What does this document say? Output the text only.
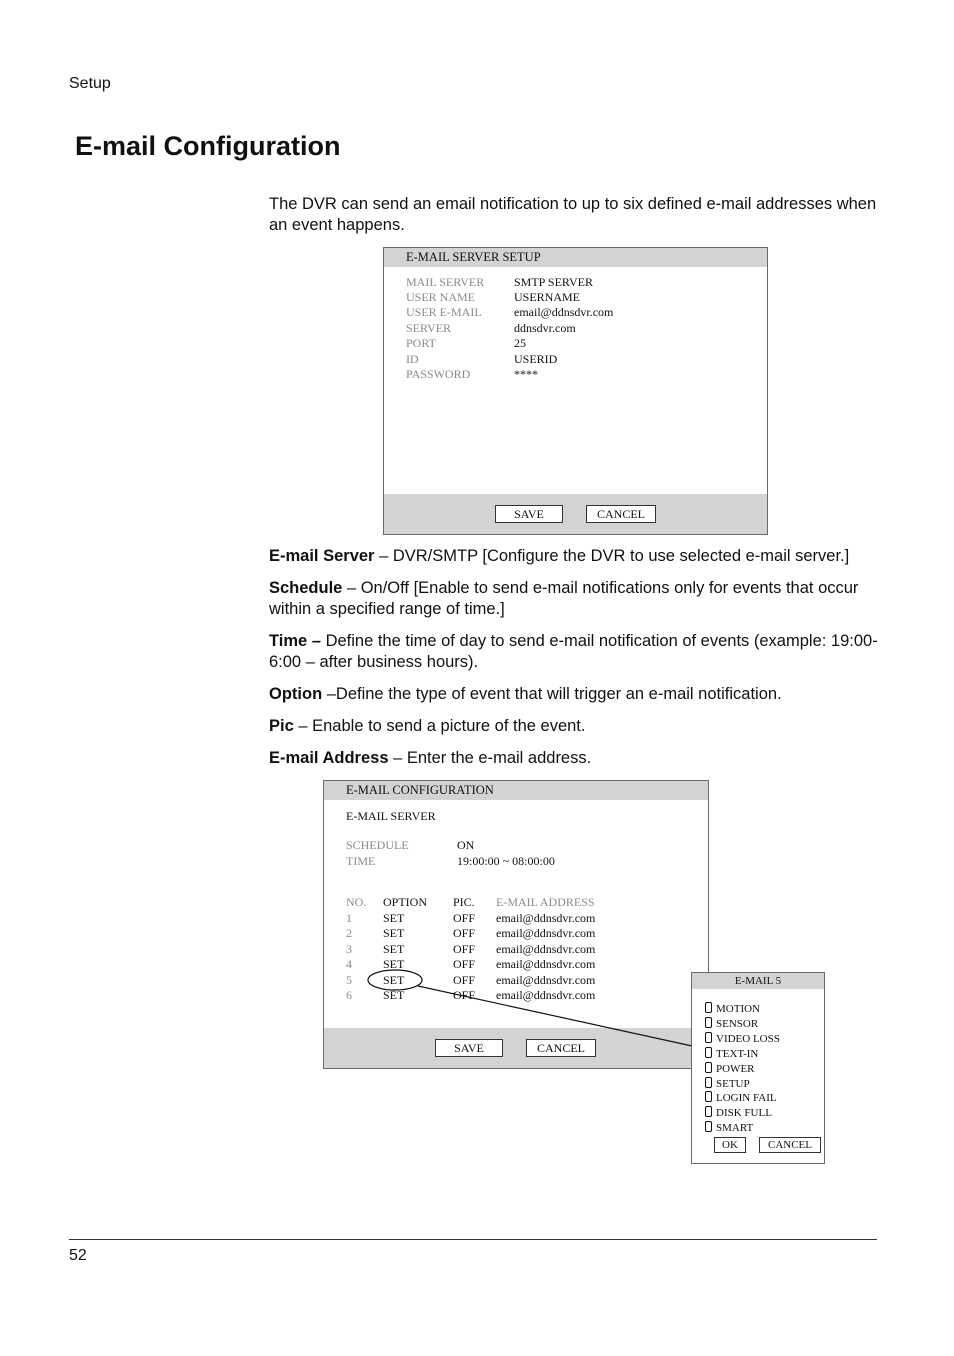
Setup
E-mail Configuration
The DVR can send an email notification to up to six defined e-mail addresses when an event happens.
E-MAIL SERVER SETUP
MAIL SERVER SMTP SERVER
USER NAME	USERNAME
USER E-MAIL	email@ddnsdvr.com
SERVER	ddnsdvr.com
PORT	25
ID	USERID
PASSWORD	****
SAVE	CANCEL
E-mail Server – DVR/SMTP [Configure the DVR to use selected e-mail server.]
Schedule – On/Off [Enable to send e-mail notifications only for events that occur within a specified range of time.]
Time – Define the time of day to send e-mail notification of events (example: 19:00-6:00 – after business hours).
Option –Define the type of event that will trigger an e-mail notification.
Pic – Enable to send a picture of the event.
E-mail Address – Enter the e-mail address.
E-MAIL CONFIGURATION
E-MAIL SERVER
SCHEDULE	ON
TIME	19:00:00 ~ 08:00:00
NO. OPTION PIC. E-MAIL ADDRESS
1	SET	OFF email@ddnsdvr.com
2	SET	OFF email@ddnsdvr.com
3	SET	OFF email@ddnsdvr.com
4	SET	OFF email@ddnsdvr.com
5	SET	OFF email@ddnsdvr.com
6	SET	OFF email@ddnsdvr.com
SAVE	CANCEL
E-MAIL 5
MOTION
SENSOR
VIDEO LOSS
TEXT-IN
POWER
SETUP
LOGIN FAIL
DISK FULL
SMART
OK	CANCEL
52
